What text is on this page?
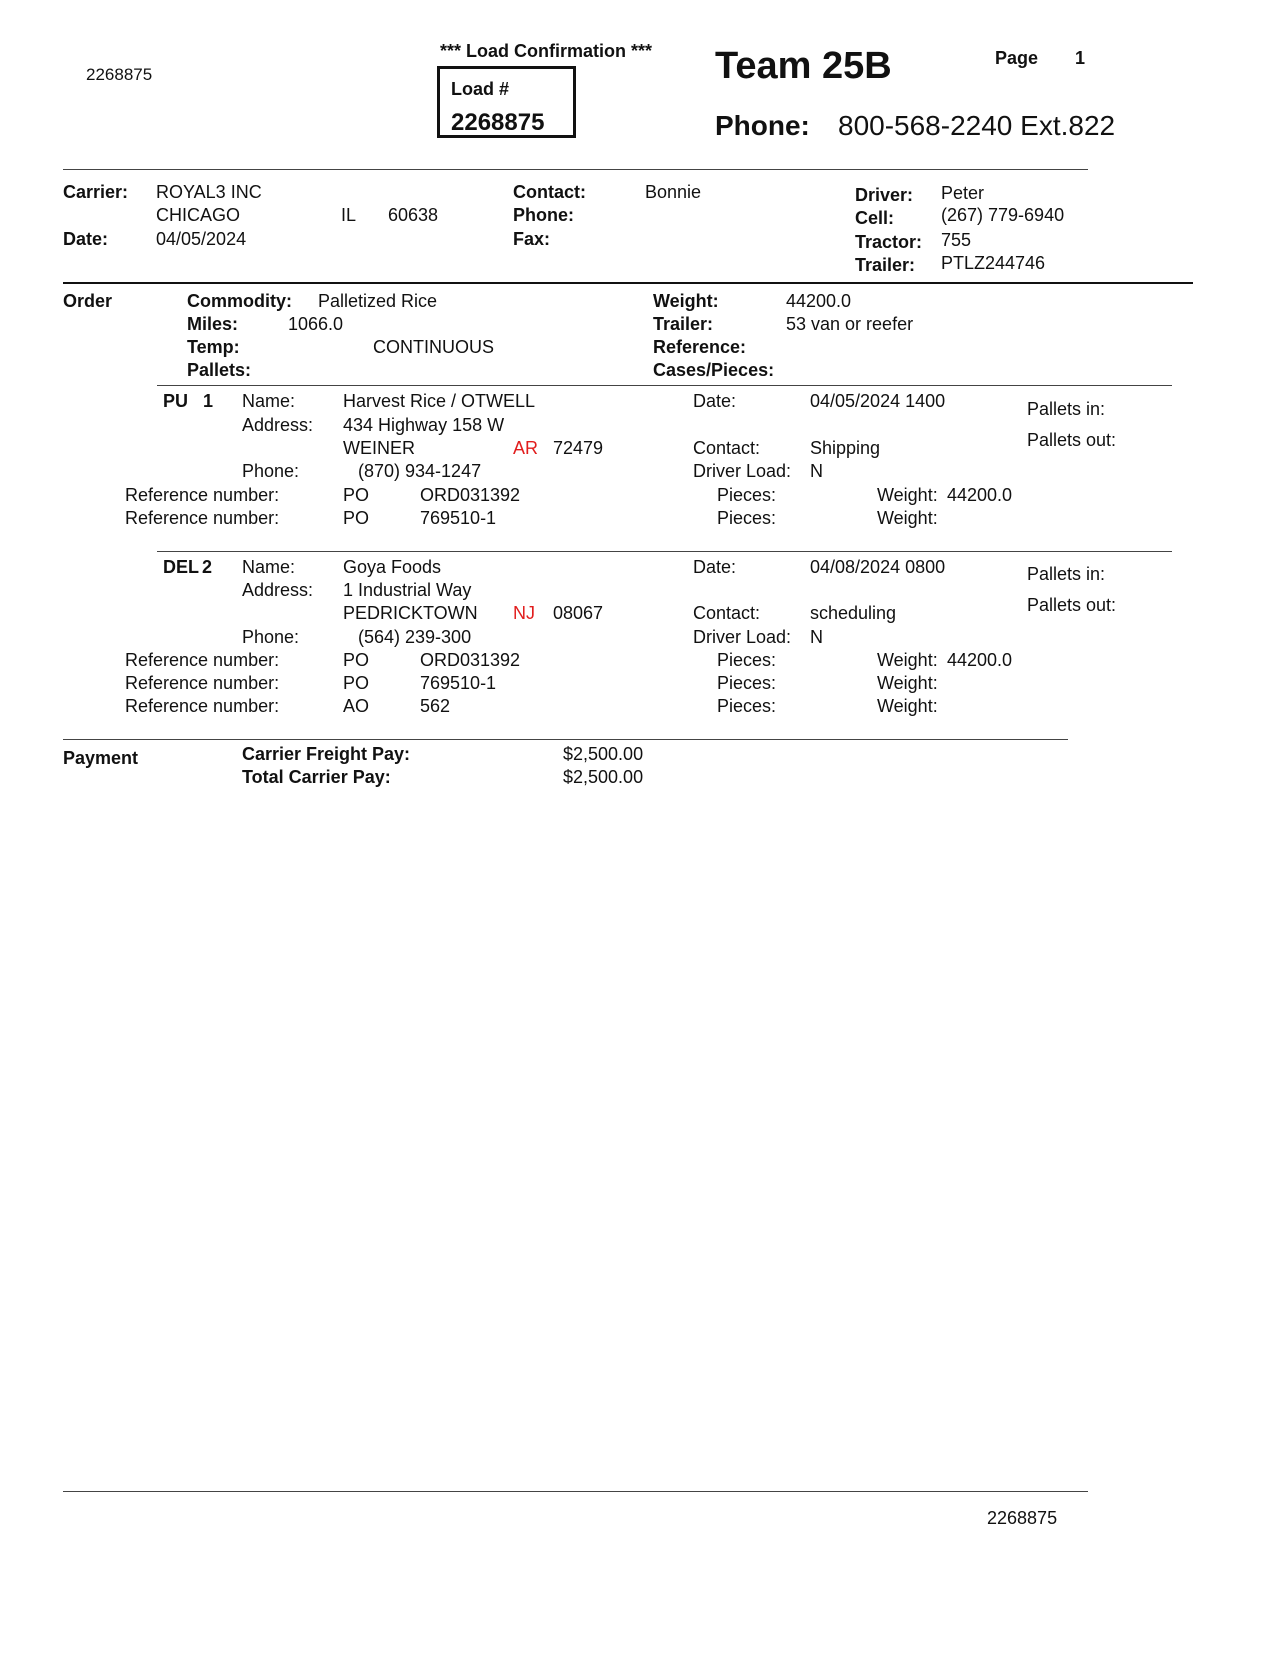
2268875
*** Load Confirmation ***
Load #
2268875
Team 25B	Page 1
Phone: 800-568-2240 Ext.822
Carrier: ROYAL3 INC
CHICAGO	IL 60638
Date:	04/05/2024
Contact:	Bonnie
Phone:
Fax:
Driver: Peter
Cell:	(267) 779-6940
Tractor: 755
Trailer: PTLZ244746
Order	Commodity: Palletized Rice
Miles:	1066.0
Temp:	CONTINUOUS
Pallets:
Weight:	44200.0
Trailer:	53 van or reefer
Reference:
Cases/Pieces:
PU 1 Name:	Harvest Rice / OTWELL
Address: 434 Highway 158 W
WEINER	AR 72479
Phone:	(870) 934-1247
Date:	04/05/2024 1400
Contact:	Shipping
Driver Load: N
Pallets in:
Pallets out:
Reference number:	PO	ORD031392	Pieces:	Weight: 44200.0
Reference number:	PO	769510-1	Pieces:	Weight:
DEL 2 Name:	Goya Foods
Address: 1 Industrial Way
PEDRICKTOWN NJ 08067
Phone:	(564) 239-300
Date:	04/08/2024 0800
Contact:	scheduling
Driver Load: N
Pallets in:
Pallets out:
Reference number:	PO	ORD031392	Pieces:	Weight: 44200.0
Reference number:	PO	769510-1	Pieces:	Weight:
Reference number:	AO	562	Pieces:	Weight:
Payment	Carrier Freight Pay:	$2,500.00
Total Carrier Pay:	$2,500.00
2268875
